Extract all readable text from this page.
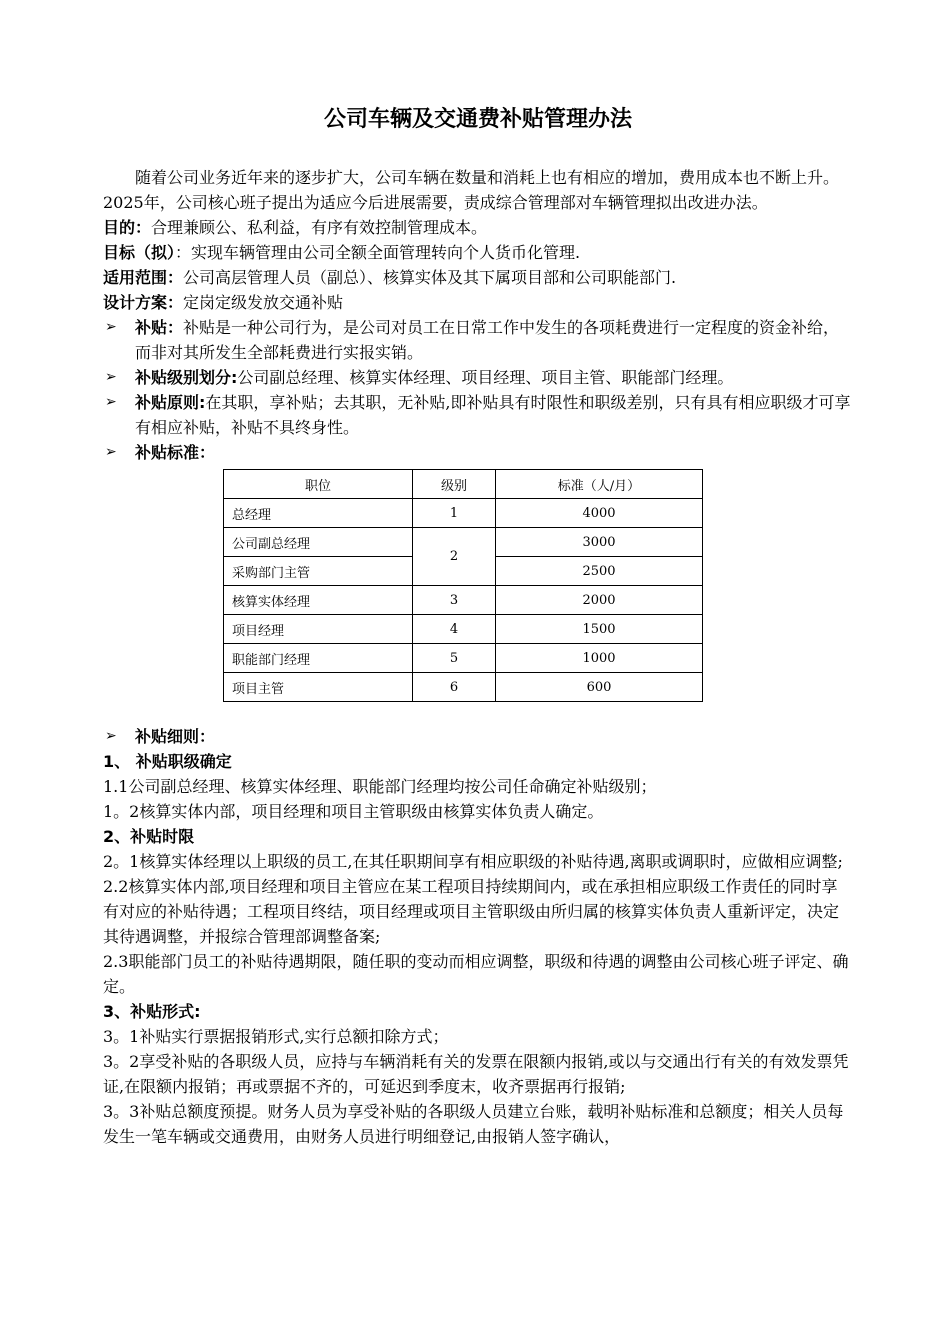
公司车辆及交通费补贴管理办法

随着公司业务近年来的逐步扩大，公司车辆在数量和消耗上也有相应的增加，费用成本也不断上升。2025年，公司核心班子提出为适应今后进展需要，责成综合管理部对车辆管理拟出改进办法。

目的：合理兼顾公、私利益，有序有效控制管理成本。

目标（拟）：实现车辆管理由公司全额全面管理转向个人货币化管理.

适用范围：公司高层管理人员（副总）、核算实体及其下属项目部和公司职能部门.

设计方案：定岗定级发放交通补贴

➢ 补贴：补贴是一种公司行为，是公司对员工在日常工作中发生的各项耗费进行一定程度的资金补给，而非对其所发生全部耗费进行实报实销。

➢ 补贴级别划分:公司副总经理、核算实体经理、项目经理、项目主管、职能部门经理。

➢ 补贴原则:在其职，享补贴；去其职，无补贴,即补贴具有时限性和职级差别，只有具有相应职级才可享有相应补贴，补贴不具终身性。

➢ 补贴标准：

职位	级别	标准（人/月）
总经理	1	4000
公司副总经理	2	3000
采购部门主管		2500
核算实体经理	3	2000
项目经理	4	1500
职能部门经理	5	1000
项目主管	6	600

➢ 补贴细则：

1、 补贴职级确定

1.1公司副总经理、核算实体经理、职能部门经理均按公司任命确定补贴级别；

1。2核算实体内部，项目经理和项目主管职级由核算实体负责人确定。

2、补贴时限

2。1核算实体经理以上职级的员工,在其任职期间享有相应职级的补贴待遇,离职或调职时，应做相应调整;

2.2核算实体内部,项目经理和项目主管应在某工程项目持续期间内，或在承担相应职级工作责任的同时享有对应的补贴待遇；工程项目终结，项目经理或项目主管职级由所归属的核算实体负责人重新评定，决定其待遇调整，并报综合管理部调整备案;

2.3职能部门员工的补贴待遇期限，随任职的变动而相应调整，职级和待遇的调整由公司核心班子评定、确定。

3、补贴形式:

3。1补贴实行票据报销形式,实行总额扣除方式；

3。2享受补贴的各职级人员，应持与车辆消耗有关的发票在限额内报销,或以与交通出行有关的有效发票凭证,在限额内报销；再或票据不齐的，可延迟到季度末，收齐票据再行报销;

3。3补贴总额度预提。财务人员为享受补贴的各职级人员建立台账，载明补贴标准和总额度；相关人员每发生一笔车辆或交通费用，由财务人员进行明细登记,由报销人签字确认，
